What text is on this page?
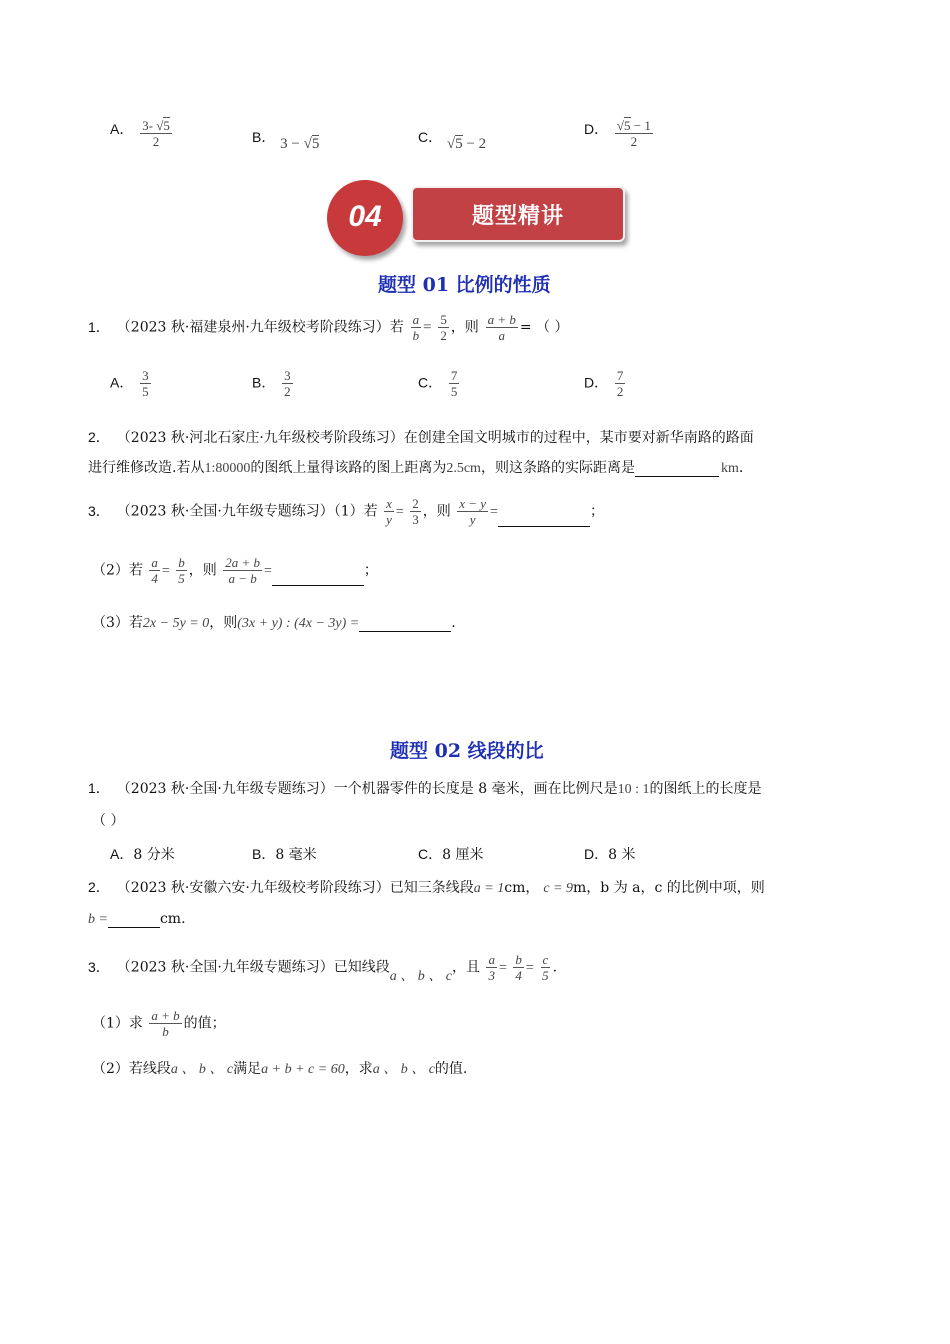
A． $\frac{3- √5}{2}$	B． 3 − √5	C． √5 − 2
D． $\frac{√5 - 1}{2}$
04	题型精讲
题型 01 比例的性质
1． （2023 秋·福建泉州·九年级校考阶段练习）若 $\frac{a}{b} = \frac{5}{2}$ ，则 $\frac{a + b}{a}$ = （ ）
A． $\frac{3}{5}$	B． $\frac{3}{2}$	C． $\frac{7}{5}$	D． $\frac{7}{2}$
2． （2023 秋·河北石家庄·九年级校考阶段练习）在创建全国文明城市的过程中，某市要对新华南路的路面
进行维修改造.若从1:80000的图纸上量得该路的图上距离为2.5cm，则这条路的实际距离是	km.
3． （2023 秋·全国·九年级专题练习）（1）若 $\frac{x}{y} = \frac{2}{3}$ ，则 $\frac{x - y}{y}$ =	；
（2）若 $\frac{a}{4} = \frac{b}{5}$ ，则 $\frac{2a + b}{a - b}$ =	；
（3）若2x − 5y = 0，则(3x + y) : (4x − 3y) =	.
题型 02 线段的比
1． （2023 秋·全国·九年级专题练习）一个机器零件的长度是 8 毫米，画在比例尺是10 : 1的图纸上的长度是
（ ）
A．8 分米	B．8 毫米	C．8 厘米	D．8 米
2． （2023 秋·安徽六安·九年级校考阶段练习）已知三条线段a = 1cm， c = 9m，b 为 a，c 的比例中项，则
b =	cm.
3． （2023 秋·全国·九年级专题练习）已知线段a 、 b 、 c，且 $\frac{a}{3} = \frac{b}{4} = \frac{c}{5}$ .
（1）求 $\frac{a + b}{b}$ 的值；
（2）若线段a 、 b 、 c满足a + b + c = 60，求a 、 b 、 c的值.
